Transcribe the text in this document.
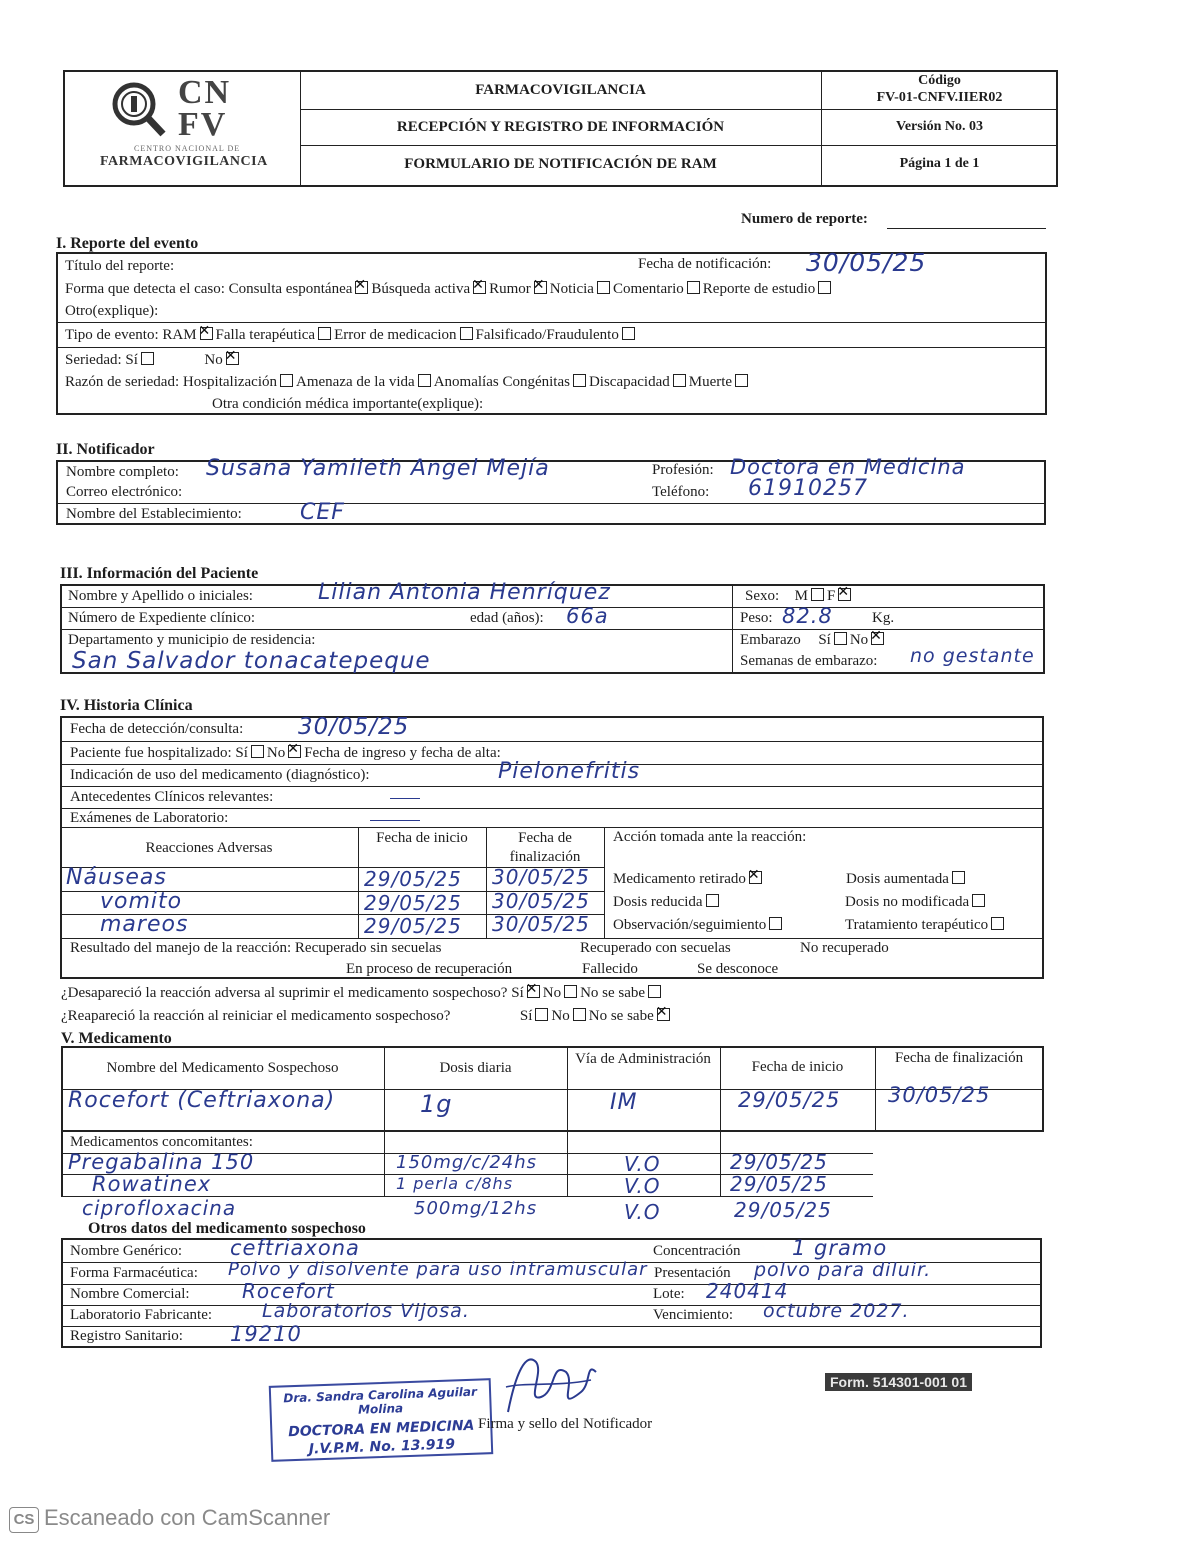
CN
FV
CENTRO NACIONAL DE
FARMACOVIGILANCIA
FARMACOVIGILANCIA
RECEPCIÓN Y REGISTRO DE INFORMACIÓN
FORMULARIO DE NOTIFICACIÓN DE RAM
Código
FV-01-CNFV.IIER02
Versión No. 03
Página 1 de 1
Numero de reporte:
I. Reporte del evento
Título del reporte:	Fecha de notificación: 30/05/25
Forma que detecta el caso: Consulta espontánea ✕ Búsqueda activa ✕ Rumor ✕ Noticia Comentario Reporte de estudio
Otro(explique):
Tipo de evento: RAM ✕ Falla terapéutica Error de medicacion Falsificado/Fraudulento
Seriedad: Sí	No✕
Razón de seriedad: Hospitalización Amenaza de la vida Anomalías Congénitas Discapacidad Muerte
Otra condición médica importante(explique):
II. Notificador
Nombre completo: Susana Yamileth Angel Mejía	Profesión: Doctora en Medicina
Correo electrónico:	Teléfono: 61910257
Nombre del Establecimiento:	CEF
III. Información del Paciente
Nombre y Apellido o iniciales:	Lilian Antonia Henríquez	Sexo: M F✕
Número de Expediente clínico:	edad (años): 66a	Peso: 82.8	Kg.
Departamento y municipio de residencia:
San Salvador tonacatepeque
Embarazo Sí No✕
Semanas de embarazo: no gestante
IV. Historia Clínica
Fecha de detección/consulta: 30/05/25
Paciente fue hospitalizado: Sí No ✕ Fecha de ingreso y fecha de alta:
Indicación de uso del medicamento (diagnóstico):	Pielonefritis
Antecedentes Clínicos relevantes:
Exámenes de Laboratorio:
Reacciones Adversas
Fecha de inicio	Fecha de finalización
Acción tomada ante la reacción:
Náuseas	29/05/25 30/05/25
vomito	29/05/25 30/05/25
mareos	29/05/25 30/05/25
Medicamento retirado ✕	Dosis aumentada
Dosis reducida	Dosis no modificada
Observación/seguimiento	Tratamiento terapéutico
Resultado del manejo de la reacción: Recuperado sin secuelas	Recuperado con secuelas	No recuperado
En proceso de recuperación	Fallecido	Se desconoce
¿Desapareció la reacción adversa al suprimir el medicamento sospechoso? Sí ✕ No No se sabe
¿Reapareció la reacción al reiniciar el medicamento sospechoso?	Sí No No se sabe✕
V. Medicamento
Nombre del Medicamento Sospechoso	Dosis diaria
Vía de Administración	Fecha de inicio
Fecha de finalización
Rocefort (Ceftriaxona)	1g	IM	29/05/25 30/05/25
Medicamentos concomitantes:
Pregabalina 150	150mg/c/24hs	V.O	29/05/25
Rowatinex	1 perla c/8hs	V.O	29/05/25
ciprofloxacina	500mg/12hs	V.O	29/05/25
Otros datos del medicamento sospechoso
Nombre Genérico: ceftriaxona	Concentración 1 gramo
Forma Farmacéutica: Polvo y disolvente para uso intramuscular Presentación polvo para diluir.
Nombre Comercial:	Rocefort	Lote: 240414
Laboratorio Fabricante:	Laboratorios Vijosa.	Vencimiento: octubre 2027.
Registro Sanitario: 19210
Dra. Sandra Carolina Aguilar Molina
DOCTORA EN MEDICINA
J.V.P.M. No. 13.919
Firma y sello del Notificador
Form. 514301-001 01
CS Escaneado con CamScanner
